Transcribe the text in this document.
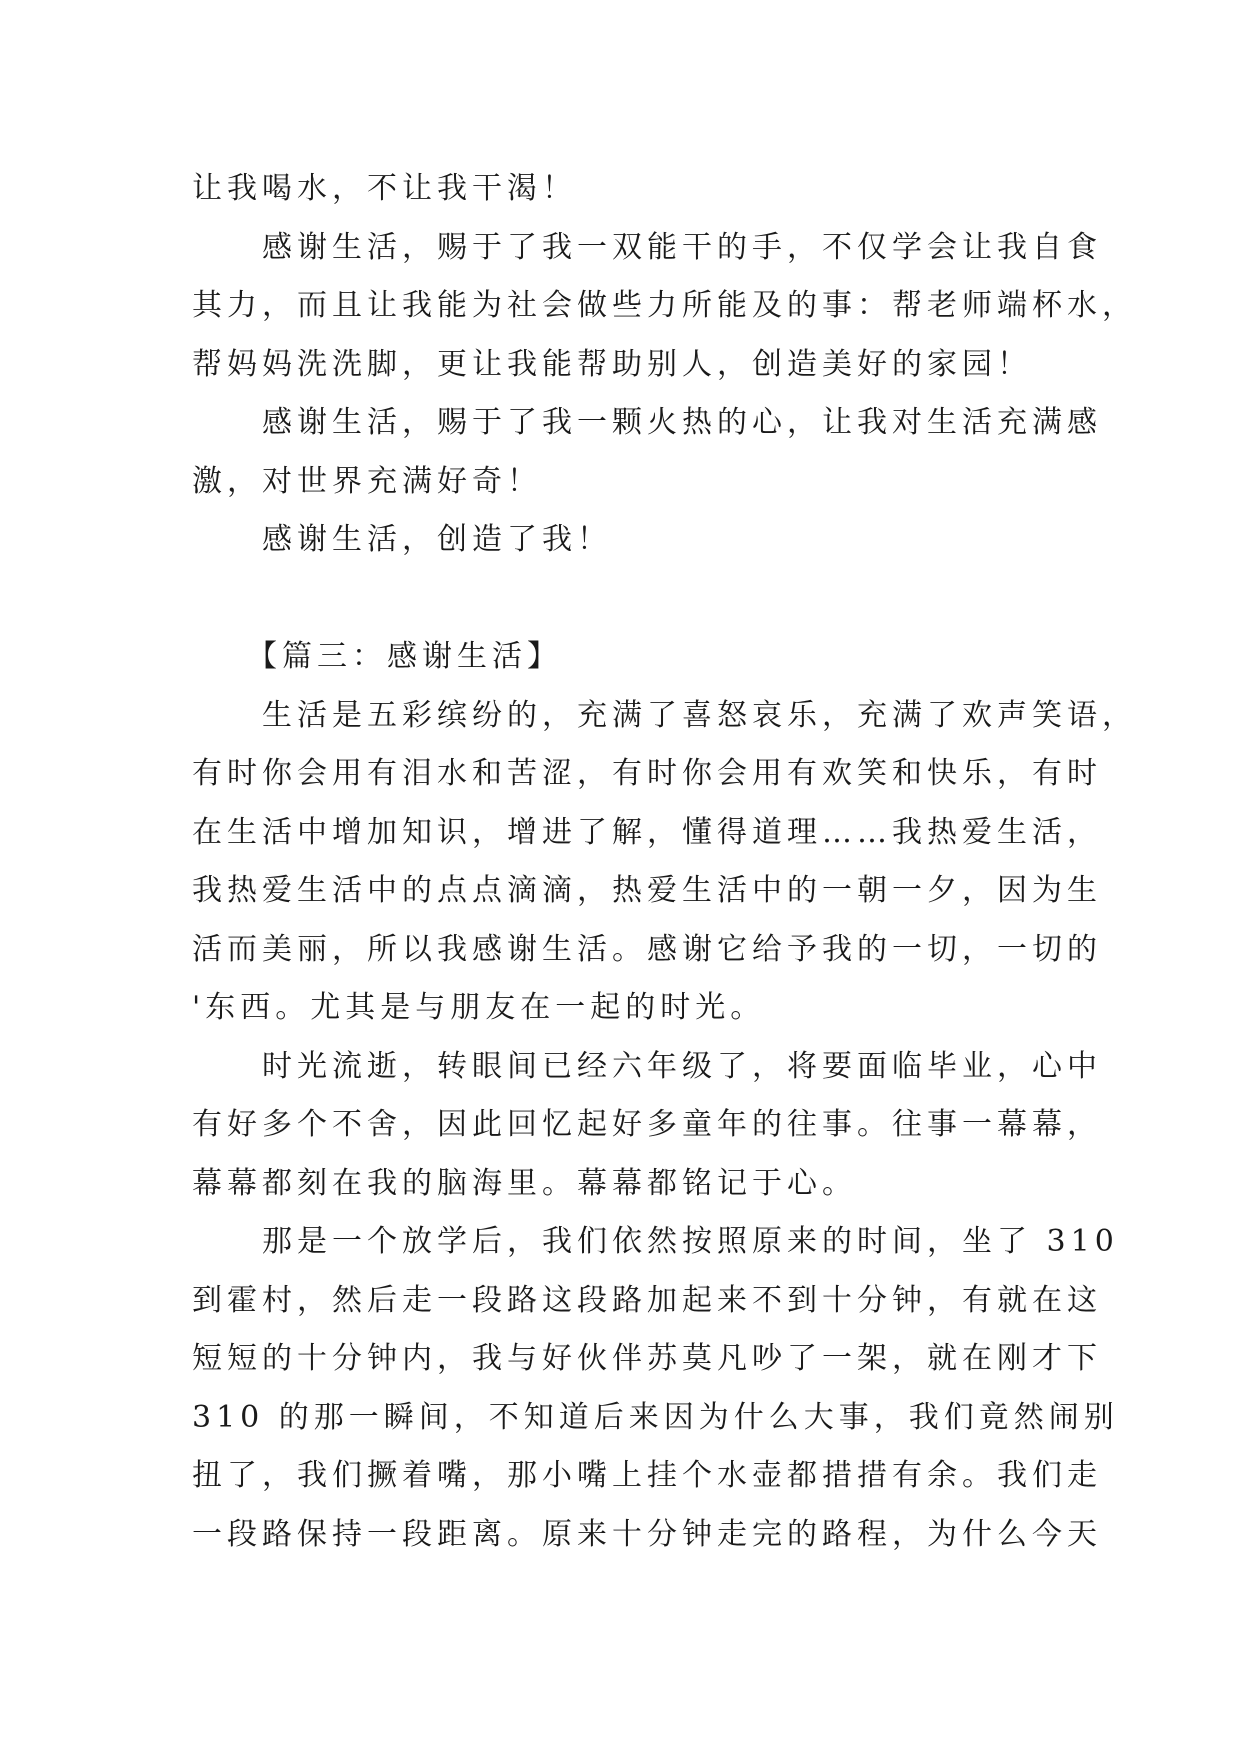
让我喝水，不让我干渴！
　　感谢生活，赐于了我一双能干的手，不仅学会让我自食
其力，而且让我能为社会做些力所能及的事：帮老师端杯水，
帮妈妈洗洗脚，更让我能帮助别人，创造美好的家园！
　　感谢生活，赐于了我一颗火热的心，让我对生活充满感
激，对世界充满好奇！
　　感谢生活，创造了我！
　　【篇三：感谢生活】
　　生活是五彩缤纷的，充满了喜怒哀乐，充满了欢声笑语，
有时你会用有泪水和苦涩，有时你会用有欢笑和快乐，有时
在生活中增加知识，增进了解，懂得道理……我热爱生活，
我热爱生活中的点点滴滴，热爱生活中的一朝一夕，因为生
活而美丽，所以我感谢生活。感谢它给予我的一切，一切的
'东西。尤其是与朋友在一起的时光。
　　时光流逝，转眼间已经六年级了，将要面临毕业，心中
有好多个不舍，因此回忆起好多童年的往事。往事一幕幕，
幕幕都刻在我的脑海里。幕幕都铭记于心。
　　那是一个放学后，我们依然按照原来的时间，坐了 310
到霍村，然后走一段路这段路加起来不到十分钟，有就在这
短短的十分钟内，我与好伙伴苏莫凡吵了一架，就在刚才下
310 的那一瞬间，不知道后来因为什么大事，我们竟然闹别
扭了，我们撅着嘴，那小嘴上挂个水壶都措措有余。我们走
一段路保持一段距离。原来十分钟走完的路程，为什么今天
